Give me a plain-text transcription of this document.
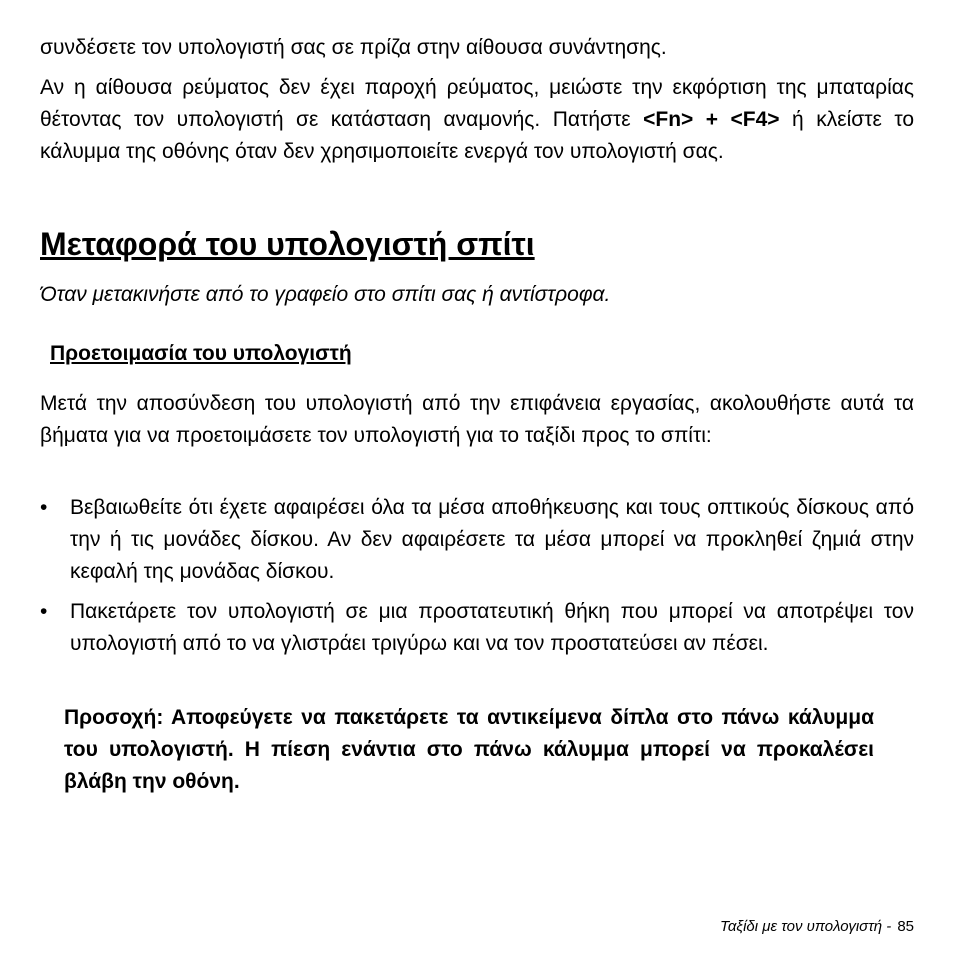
συνδέσετε τον υπολογιστή σας σε πρίζα στην αίθουσα συνάντησης.

Αν η αίθουσα ρεύματος δεν έχει παροχή ρεύματος, μειώστε την εκφόρτιση της μπαταρίας θέτοντας τον υπολογιστή σε κατάσταση αναμονής. Πατήστε <Fn> + <F4> ή κλείστε το κάλυμμα της οθόνης όταν δεν χρησιμοποιείτε ενεργά τον υπολογιστή σας.

Μεταφορά του υπολογιστή σπίτι

Όταν μετακινήστε από το γραφείο στο σπίτι σας ή αντίστροφα.

Προετοιμασία του υπολογιστή

Μετά την αποσύνδεση του υπολογιστή από την επιφάνεια εργασίας, ακολουθήστε αυτά τα βήματα για να προετοιμάσετε τον υπολογιστή για το ταξίδι προς το σπίτι:

• Βεβαιωθείτε ότι έχετε αφαιρέσει όλα τα μέσα αποθήκευσης και τους οπτικούς δίσκους από την ή τις μονάδες δίσκου. Αν δεν αφαιρέσετε τα μέσα μπορεί να προκληθεί ζημιά στην κεφαλή της μονάδας δίσκου.

• Πακετάρετε τον υπολογιστή σε μια προστατευτική θήκη που μπορεί να αποτρέψει τον υπολογιστή από το να γλιστράει τριγύρω και να τον προστατεύσει αν πέσει.

Προσοχή: Αποφεύγετε να πακετάρετε τα αντικείμενα δίπλα στο πάνω κάλυμμα του υπολογιστή. Η πίεση ενάντια στο πάνω κάλυμμα μπορεί να προκαλέσει βλάβη την οθόνη.

Ταξίδι με τον υπολογιστή - 85
